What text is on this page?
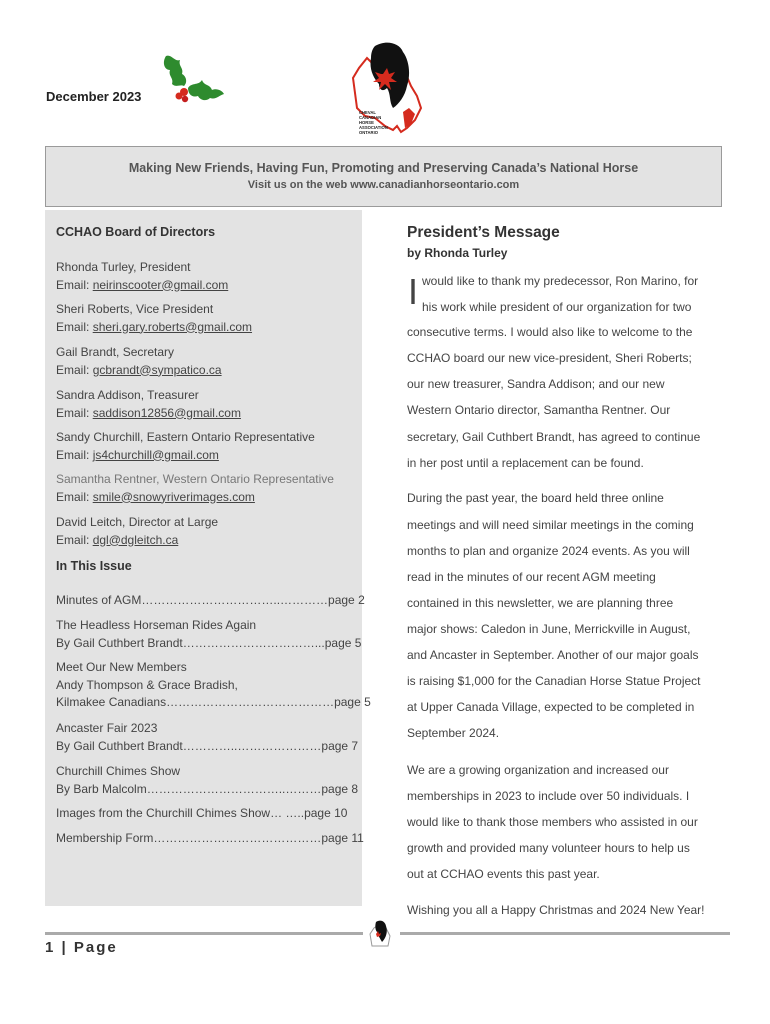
December 2023
CHEVAL
CANADIAN
HORSE
ASSOCIATION
ONTARIO
Making New Friends, Having Fun, Promoting and Preserving Canada’s National Horse
Visit us on the web www.canadianhorseontario.com
CCHAO Board of Directors
Rhonda Turley, President
Email: neirinscooter@gmail.com
Sheri Roberts, Vice President
Email: sheri.gary.roberts@gmail.com
Gail Brandt, Secretary
Email: gcbrandt@sympatico.ca
Sandra Addison, Treasurer
Email: saddison12856@gmail.com
Sandy Churchill, Eastern Ontario Representative
Email: js4churchill@gmail.com
Samantha Rentner, Western Ontario Representative
Email: smile@snowyriverimages.com
David Leitch, Director at Large
Email: dgl@dgleitch.ca
In This Issue
Minutes of AGM……………………………..…………page 2
The Headless Horseman Rides Again
By Gail Cuthbert Brandt……………………………...page 5
Meet Our New Members
Andy Thompson & Grace Bradish,
Kilmakee Canadians……………………………………page 5
Ancaster Fair 2023
By Gail Cuthbert Brandt…………..…………………page 7
Churchill Chimes Show
By Barb Malcolm……………………………..………page 8
Images from the Churchill Chimes Show… …..page 10
Membership Form……………………………………page 11
President’s Message
by Rhonda Turley
I would like to thank my predecessor, Ron Marino, for
his work while president of our organization for two
consecutive terms. I would also like to welcome to the
CCHAO board our new vice-president, Sheri Roberts;
our new treasurer, Sandra Addison; and our new
Western Ontario director, Samantha Rentner. Our
secretary, Gail Cuthbert Brandt, has agreed to continue
in her post until a replacement can be found.
During the past year, the board held three online
meetings and will need similar meetings in the coming
months to plan and organize 2024 events. As you will
read in the minutes of our recent AGM meeting
contained in this newsletter, we are planning three
major shows: Caledon in June, Merrickville in August,
and Ancaster in September. Another of our major goals
is raising $1,000 for the Canadian Horse Statue Project
at Upper Canada Village, expected to be completed in
September 2024.
We are a growing organization and increased our
memberships in 2023 to include over 50 individuals. I
would like to thank those members who assisted in our
growth and provided many volunteer hours to help us
out at CCHAO events this past year.
Wishing you all a Happy Christmas and 2024 New Year!
1 | Page
